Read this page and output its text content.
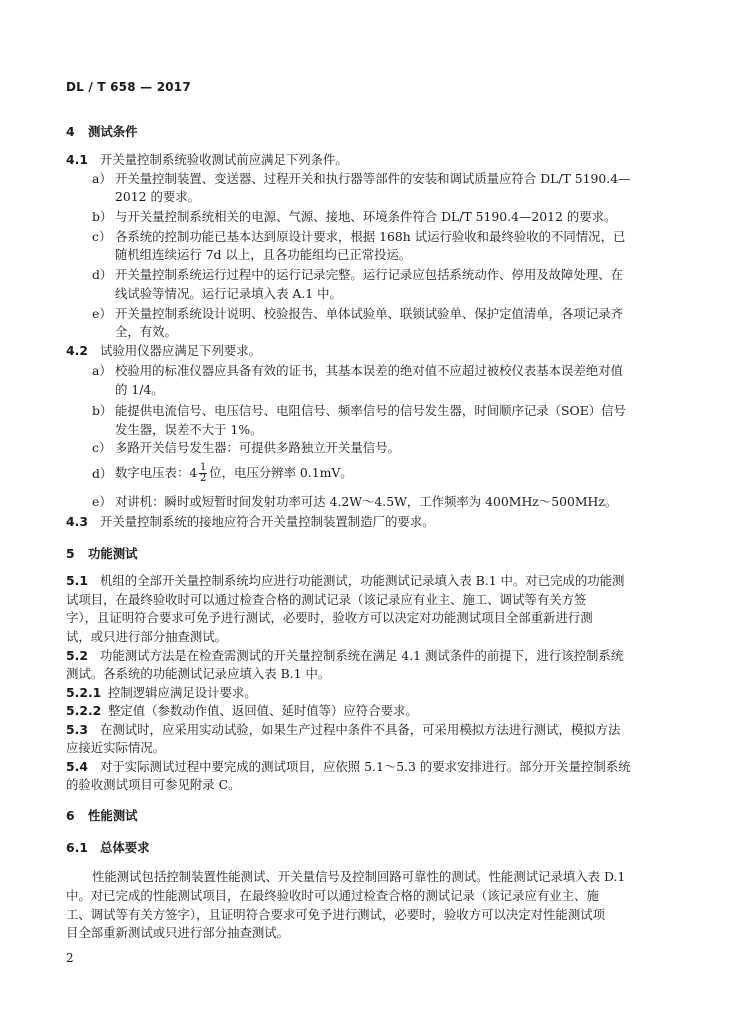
DL / T 658 — 2017
4 测试条件
4.1 开关量控制系统验收测试前应满足下列条件。
a） 开关量控制装置、变送器、过程开关和执行器等部件的安装和调试质量应符合 DL/T 5190.4—
2012 的要求。
b） 与开关量控制系统相关的电源、气源、接地、环境条件符合 DL/T 5190.4—2012 的要求。
c） 各系统的控制功能已基本达到原设计要求，根据 168h 试运行验收和最终验收的不同情况，已
随机组连续运行 7d 以上，且各功能组均已正常投运。
d） 开关量控制系统运行过程中的运行记录完整。运行记录应包括系统动作、停用及故障处理、在
线试验等情况。运行记录填入表 A.1 中。
e） 开关量控制系统设计说明、校验报告、单体试验单、联锁试验单、保护定值清单，各项记录齐
全，有效。
4.2 试验用仪器应满足下列要求。
a） 校验用的标准仪器应具备有效的证书，其基本误差的绝对值不应超过被校仪表基本误差绝对值
的 1/4。
b） 能提供电流信号、电压信号、电阻信号、频率信号的信号发生器，时间顺序记录（SOE）信号
发生器，误差不大于 1%。
c） 多路开关信号发生器：可提供多路独立开关量信号。
d） 数字电压表：$4 \frac{1}{2}$ 位，电压分辨率 0.1mV。
e） 对讲机：瞬时或短暂时间发射功率可达 4.2W～4.5W，工作频率为 400MHz～500MHz。
4.3 开关量控制系统的接地应符合开关量控制装置制造厂的要求。
5 功能测试
5.1 机组的全部开关量控制系统均应进行功能测试，功能测试记录填入表 B.1 中。对已完成的功能测
试项目，在最终验收时可以通过检查合格的测试记录（该记录应有业主、施工、调试等有关方签
字），且证明符合要求可免予进行测试，必要时，验收方可以决定对功能测试项目全部重新进行测
试，或只进行部分抽查测试。
5.2 功能测试方法是在检查需测试的开关量控制系统在满足 4.1 测试条件的前提下，进行该控制系统
测试。各系统的功能测试记录应填入表 B.1 中。
5.2.1 控制逻辑应满足设计要求。
5.2.2 整定值（参数动作值、返回值、延时值等）应符合要求。
5.3 在测试时，应采用实动试验，如果生产过程中条件不具备，可采用模拟方法进行测试，模拟方法
应接近实际情况。
5.4 对于实际测试过程中要完成的测试项目，应依照 5.1～5.3 的要求安排进行。部分开关量控制系统
的验收测试项目可参见附录 C。
6 性能测试
6.1 总体要求
性能测试包括控制装置性能测试、开关量信号及控制回路可靠性的测试。性能测试记录填入表 D.1
中。对已完成的性能测试项目，在最终验收时可以通过检查合格的测试记录（该记录应有业主、施
工、调试等有关方签字），且证明符合要求可免予进行测试，必要时，验收方可以决定对性能测试项
目全部重新测试或只进行部分抽查测试。
2
